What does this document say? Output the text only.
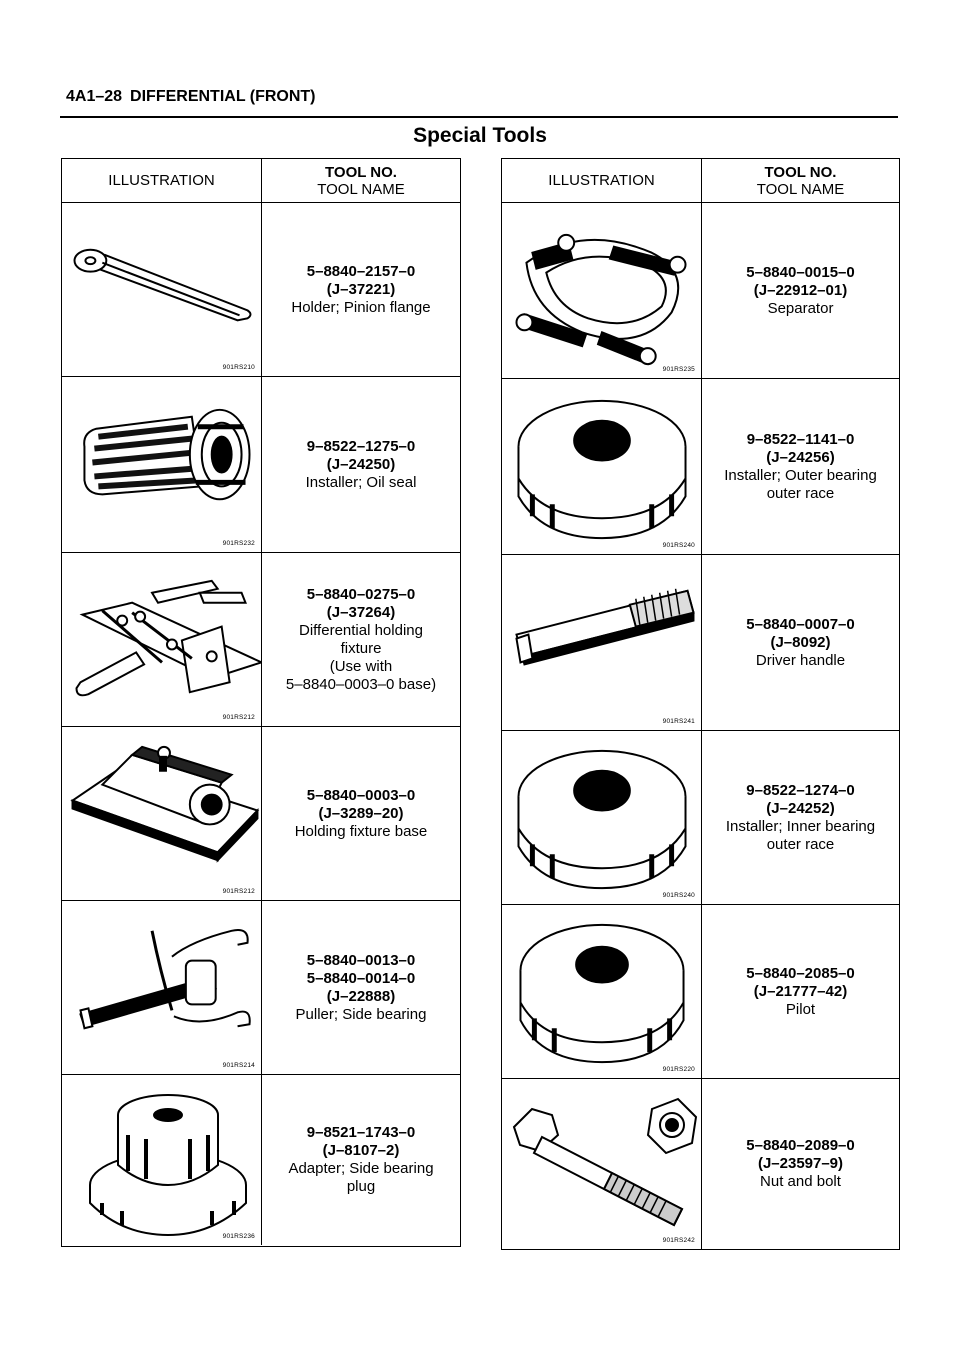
4A1–28 DIFFERENTIAL (FRONT)
Special Tools
ILLUSTRATION	TOOL NO.
TOOL NAME
901RS210
5–8840–2157–0
(J–37221)
Holder; Pinion flange
901RS232
9–8522–1275–0
(J–24250)
Installer; Oil seal
901RS212
5–8840–0275–0
(J–37264)
Differential holding
fixture
(Use with
5–8840–0003–0 base)
901RS212
5–8840–0003–0
(J–3289–20)
Holding fixture base
901RS214
5–8840–0013–0
5–8840–0014–0
(J–22888)
Puller; Side bearing
901RS236
9–8521–1743–0
(J–8107–2)
Adapter; Side bearing
plug
ILLUSTRATION	TOOL NO.
TOOL NAME
901RS235
5–8840–0015–0
(J–22912–01)
Separator
901RS240
9–8522–1141–0
(J–24256)
Installer; Outer bearing
outer race
901RS241
5–8840–0007–0
(J–8092)
Driver handle
901RS240
9–8522–1274–0
(J–24252)
Installer; Inner bearing
outer race
901RS220
5–8840–2085–0
(J–21777–42)
Pilot
901RS242
5–8840–2089–0
(J–23597–9)
Nut and bolt
